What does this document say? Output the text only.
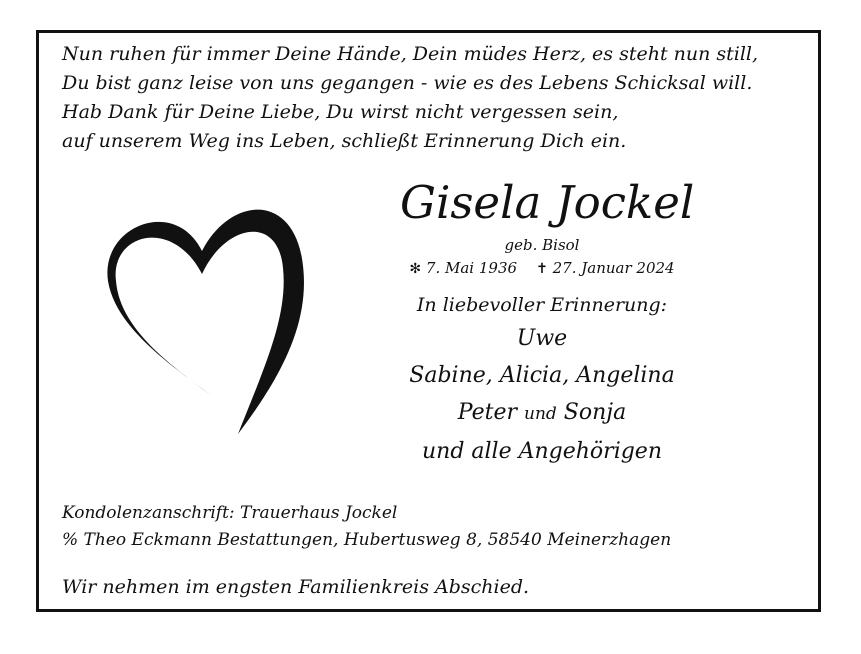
Nun ruhen für immer Deine Hände, Dein müdes Herz, es steht nun still,
Du bist ganz leise von uns gegangen - wie es des Lebens Schicksal will.
Hab Dank für Deine Liebe, Du wirst nicht vergessen sein,
auf unserem Weg ins Leben, schließt Erinnerung Dich ein.
Gisela Jockel
geb. Bisol
✻ 7. Mai 1936 ✝ 27. Januar 2024
In liebevoller Erinnerung:
Uwe
Sabine, Alicia, Angelina
Peter und Sonja
und alle Angehörigen
Kondolenzanschrift: Trauerhaus Jockel
% Theo Eckmann Bestattungen, Hubertusweg 8, 58540 Meinerzhagen
Wir nehmen im engsten Familienkreis Abschied.
